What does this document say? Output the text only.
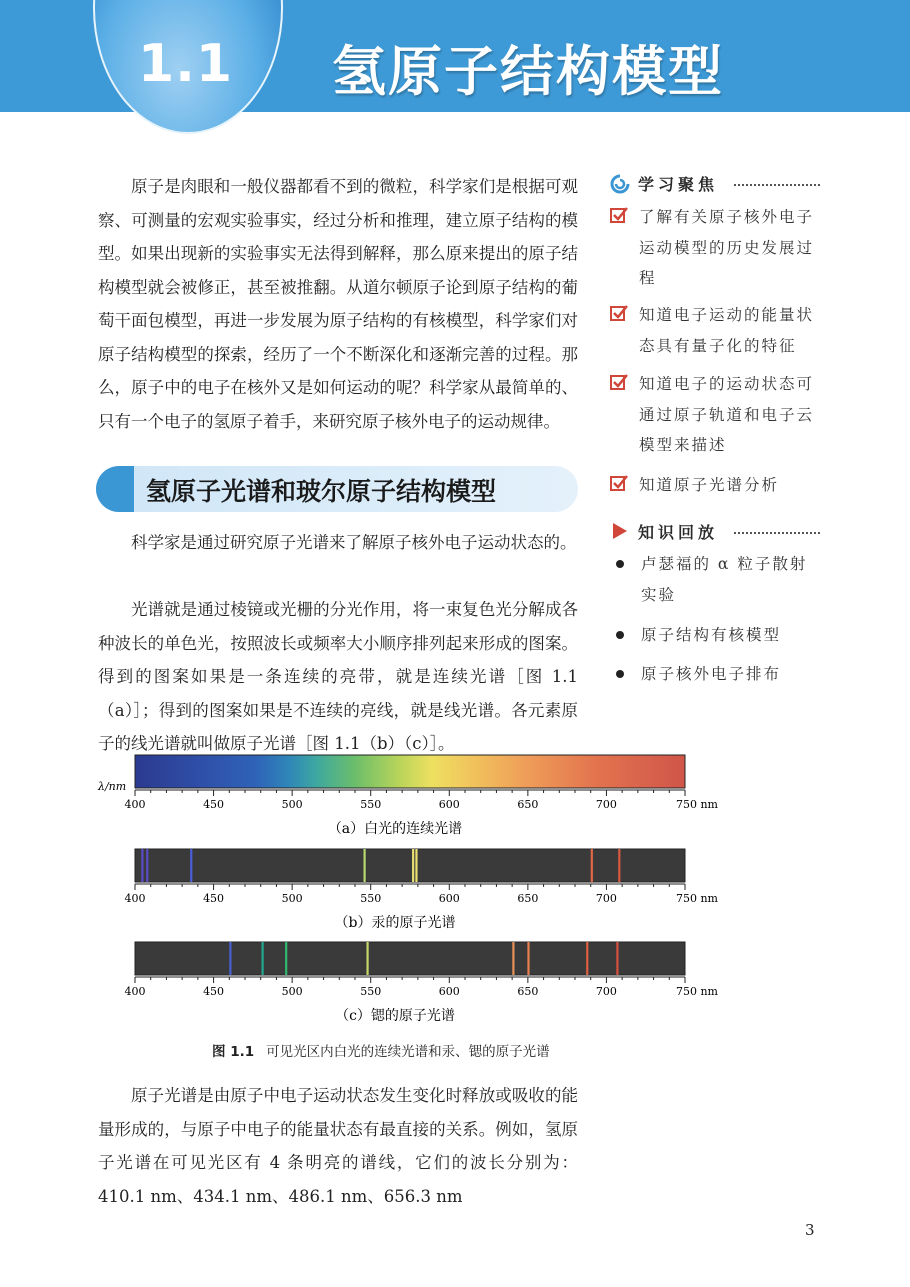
1.1 氢原子结构模型

原子是肉眼和一般仪器都看不到的微粒，科学家们是根据可观察、可测量的宏观实验事实，经过分析和推理，建立原子结构的模型。如果出现新的实验事实无法得到解释，那么原来提出的原子结构模型就会被修正，甚至被推翻。从道尔顿原子论到原子结构的葡萄干面包模型，再进一步发展为原子结构的有核模型，科学家们对原子结构模型的探索，经历了一个不断深化和逐渐完善的过程。那么，原子中的电子在核外又是如何运动的呢？科学家从最简单的、只有一个电子的氢原子着手，来研究原子核外电子的运动规律。

氢原子光谱和玻尔原子结构模型

科学家是通过研究原子光谱来了解原子核外电子运动状态的。

光谱就是通过棱镜或光栅的分光作用，将一束复色光分解成各种波长的单色光，按照波长或频率大小顺序排列起来形成的图案。得到的图案如果是一条连续的亮带，就是连续光谱［图 1.1（a）］；得到的图案如果是不连续的亮线，就是线光谱。各元素原子的线光谱就叫做原子光谱［图 1.1（b）（c）］。

λ/nm
400	450	500	550	600	650	700	750 nm
400	450	500	550	600	650	700	750 nm
400	450	500	550	600	650	700	750 nm
（a）白光的连续光谱
（b）汞的原子光谱
（c）锶的原子光谱
图 1.1 可见光区内白光的连续光谱和汞、锶的原子光谱

原子光谱是由原子中电子运动状态发生变化时释放或吸收的能量形成的，与原子中电子的能量状态有最直接的关系。例如，氢原子光谱在可见光区有 4 条明亮的谱线，它们的波长分别为：410.1 nm、434.1 nm、486.1 nm、656.3 nm

学习聚焦
了解有关原子核外电子运动模型的历史发展过程
知道电子运动的能量状态具有量子化的特征
知道电子的运动状态可通过原子轨道和电子云模型来描述
知道原子光谱分析
知识回放
卢瑟福的 α 粒子散射实验
原子结构有核模型
原子核外电子排布
3
